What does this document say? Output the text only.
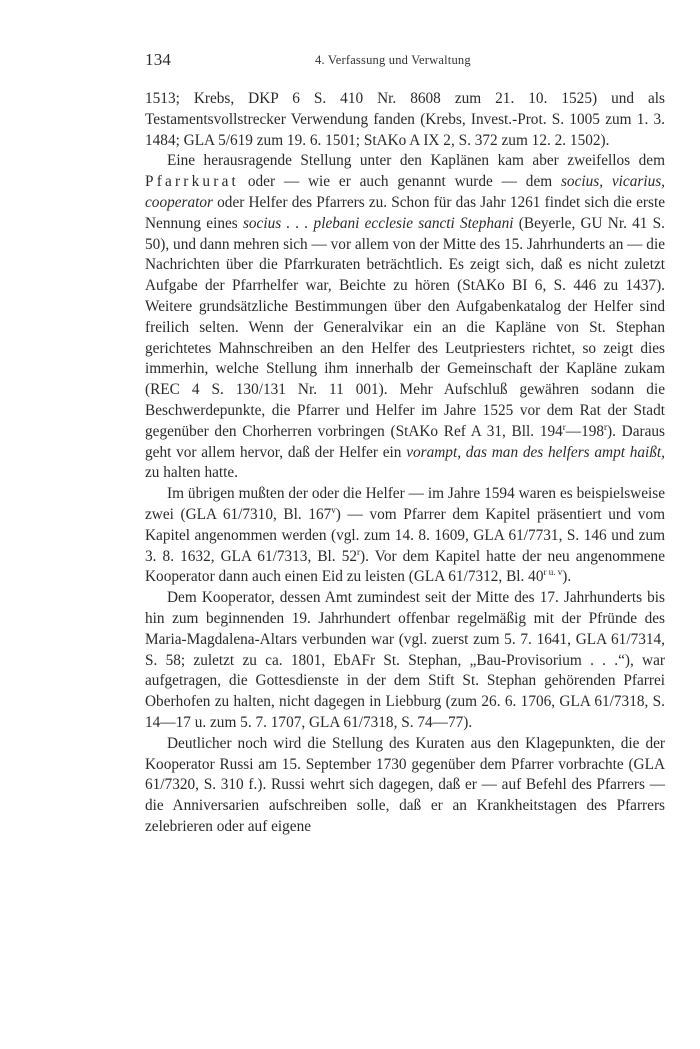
134	4. Verfassung und Verwaltung

1513; Krebs, DKP 6 S. 410 Nr. 8608 zum 21. 10. 1525) und als Testamentsvollstrecker Verwendung fanden (Krebs, Invest.-Prot. S. 1005 zum 1. 3. 1484; GLA 5/619 zum 19. 6. 1501; StAKo A IX 2, S. 372 zum 12. 2. 1502).

Eine herausragende Stellung unter den Kaplänen kam aber zweifellos dem Pfarrkurat oder — wie er auch genannt wurde — dem socius, vicarius, cooperator oder Helfer des Pfarrers zu. Schon für das Jahr 1261 findet sich die erste Nennung eines socius . . . plebani ecclesie sancti Stephani (Beyerle, GU Nr. 41 S. 50), und dann mehren sich — vor allem von der Mitte des 15. Jahrhunderts an — die Nachrichten über die Pfarrkuraten beträchtlich. Es zeigt sich, daß es nicht zuletzt Aufgabe der Pfarrhelfer war, Beichte zu hören (StAKo BI 6, S. 446 zu 1437). Weitere grundsätzliche Bestimmungen über den Aufgabenkatalog der Helfer sind freilich selten. Wenn der Generalvikar ein an die Kapläne von St. Stephan gerichtetes Mahnschreiben an den Helfer des Leutpriesters richtet, so zeigt dies immerhin, welche Stellung ihm innerhalb der Gemeinschaft der Kapläne zukam (REC 4 S. 130/131 Nr. 11 001). Mehr Aufschluß gewähren sodann die Beschwerdepunkte, die Pfarrer und Helfer im Jahre 1525 vor dem Rat der Stadt gegenüber den Chorherren vorbringen (StAKo Ref A 31, Bll. 194$^r$—198$^r$). Daraus geht vor allem hervor, daß der Helfer ein vorampt, das man des helfers ampt haißt, zu halten hatte.

Im übrigen mußten der oder die Helfer — im Jahre 1594 waren es beispielsweise zwei (GLA 61/7310, Bl. 167$^v$) — vom Pfarrer dem Kapitel präsentiert und vom Kapitel angenommen werden (vgl. zum 14. 8. 1609, GLA 61/7731, S. 146 und zum 3. 8. 1632, GLA 61/7313, Bl. 52$^r$). Vor dem Kapitel hatte der neu angenommene Kooperator dann auch einen Eid zu leisten (GLA 61/7312, Bl. $40^{r u. v}$).

Dem Kooperator, dessen Amt zumindest seit der Mitte des 17. Jahrhunderts bis hin zum beginnenden 19. Jahrhundert offenbar regelmäßig mit der Pfründe des Maria-Magdalena-Altars verbunden war (vgl. zuerst zum 5. 7. 1641, GLA 61/7314, S. 58; zuletzt zu ca. 1801, EbAFr St. Stephan, „Bau-Provisorium . . .“), war aufgetragen, die Gottesdienste in der dem Stift St. Stephan gehörenden Pfarrei Oberhofen zu halten, nicht dagegen in Liebburg (zum 26. 6. 1706, GLA 61/7318, S. 14—17 u. zum 5. 7. 1707, GLA 61/7318, S. 74—77).

Deutlicher noch wird die Stellung des Kuraten aus den Klagepunkten, die der Kooperator Russi am 15. September 1730 gegenüber dem Pfarrer vorbrachte (GLA 61/7320, S. 310 f.). Russi wehrt sich dagegen, daß er — auf Befehl des Pfarrers — die Anniversarien aufschreiben solle, daß er an Krankheitstagen des Pfarrers zelebrieren oder auf eigene
